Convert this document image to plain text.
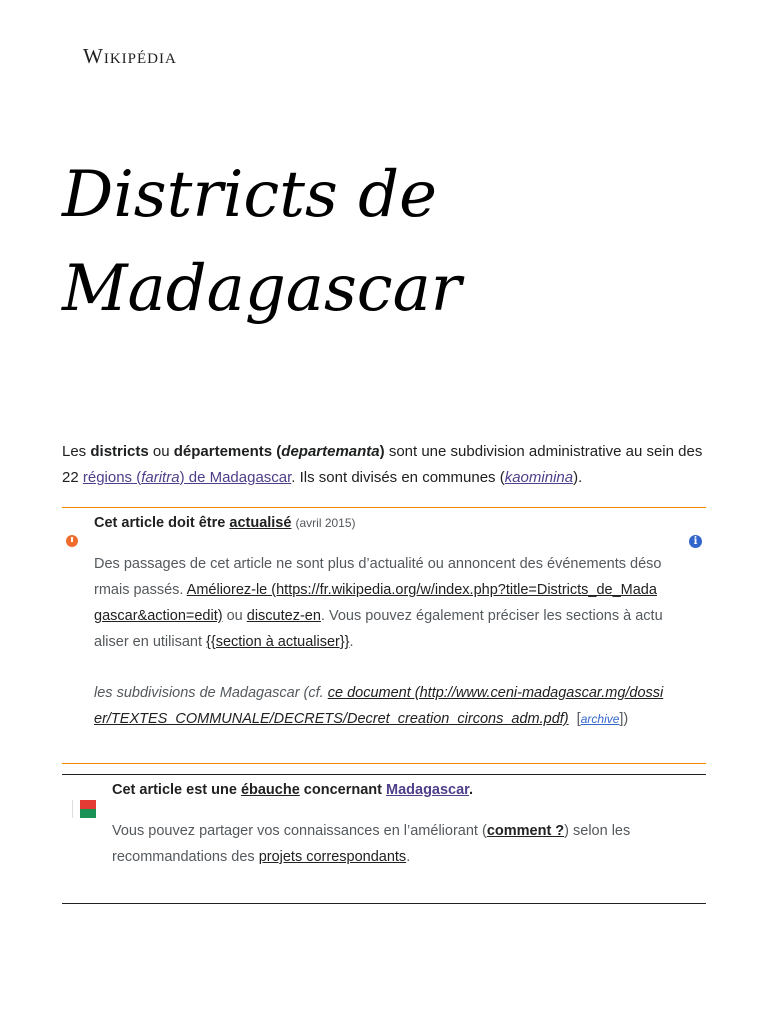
Wikipédia
Districts de Madagascar

Les districts ou départements (departemanta) sont une subdivision administrative au sein des 22 régions (faritra) de Madagascar. Ils sont divisés en communes (kaominina).

i

Cet article doit être actualisé (avril 2015)

Des passages de cet article ne sont plus d’actualité ou annoncent des événements désormais passés. Améliorez-le (https://fr.wikipedia.org/w/index.php?title=Districts_de_Madagascar&action=edit) ou discutez-en. Vous pouvez également préciser les sections à actualiser en utilisant {{section à actualiser}}.

les subdivisions de Madagascar (cf. ce document (http://www.ceni-madagascar.mg/dossier/TEXTES_COMMUNALE/DECRETS/Decret_creation_circons_adm.pdf)  [archive])

Cet article est une ébauche concernant Madagascar.

Vous pouvez partager vos connaissances en l’améliorant (comment ?) selon les recommandations des projets correspondants.
